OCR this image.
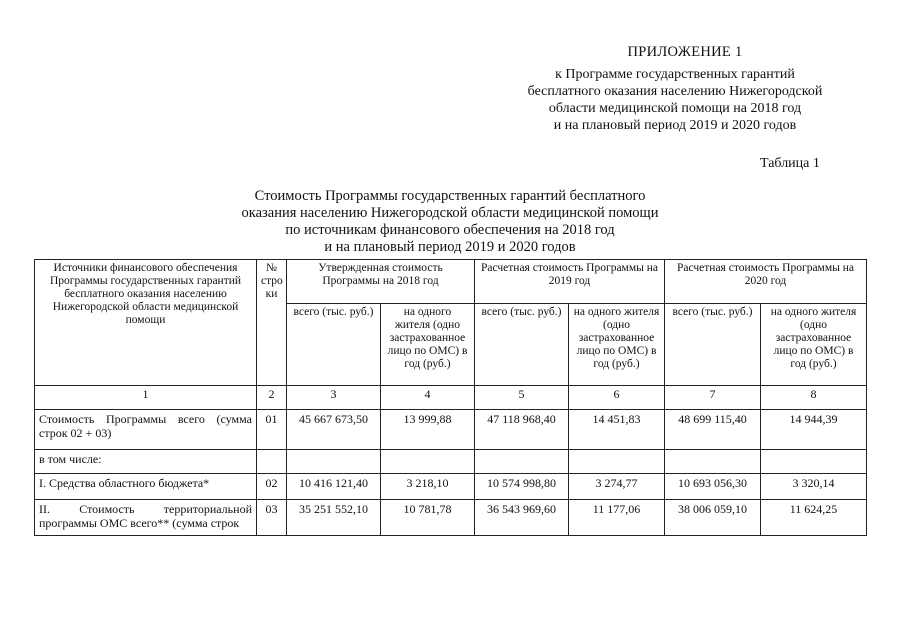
ПРИЛОЖЕНИЕ 1
к Программе государственных гарантий
бесплатного оказания населению Нижегородской
области медицинской помощи на 2018 год
и на плановый период 2019 и 2020 годов
Таблица 1
Стоимость Программы государственных гарантий бесплатного
оказания населению Нижегородской области медицинской помощи
по источникам финансового обеспечения на 2018 год
и на плановый период 2019 и 2020 годов
Источники финансового обеспечения Программы государственных гарантий бесплатного оказания населению Нижегородской области медицинской помощи	№ стро ки	Утвержденная стоимость Программы на 2018 год		Расчетная стоимость Программы на 2019 год		Расчетная стоимость Программы на 2020 год	
		всего (тыс. руб.)	на одного жителя (одно застрахованное лицо по ОМС) в год (руб.)	всего (тыс. руб.)	на одного жителя (одно застрахованное лицо по ОМС) в год (руб.)	всего (тыс. руб.)	на одного жителя (одно застрахованное лицо по ОМС) в год (руб.)
1	2	3	4	5	6	7	8
Стоимость Программы всего (сумма строк 02 + 03)	01	45 667 673,50	13 999,88	47 118 968,40	14 451,83	48 699 115,40	14 944,39
в том числе:							
I. Средства областного бюджета*	02	10 416 121,40	3 218,10	10 574 998,80	3 274,77	10 693 056,30	3 320,14
II. Стоимость территориальной программы ОМС всего** (сумма строк	03	35 251 552,10	10 781,78	36 543 969,60	11 177,06	38 006 059,10	11 624,25
